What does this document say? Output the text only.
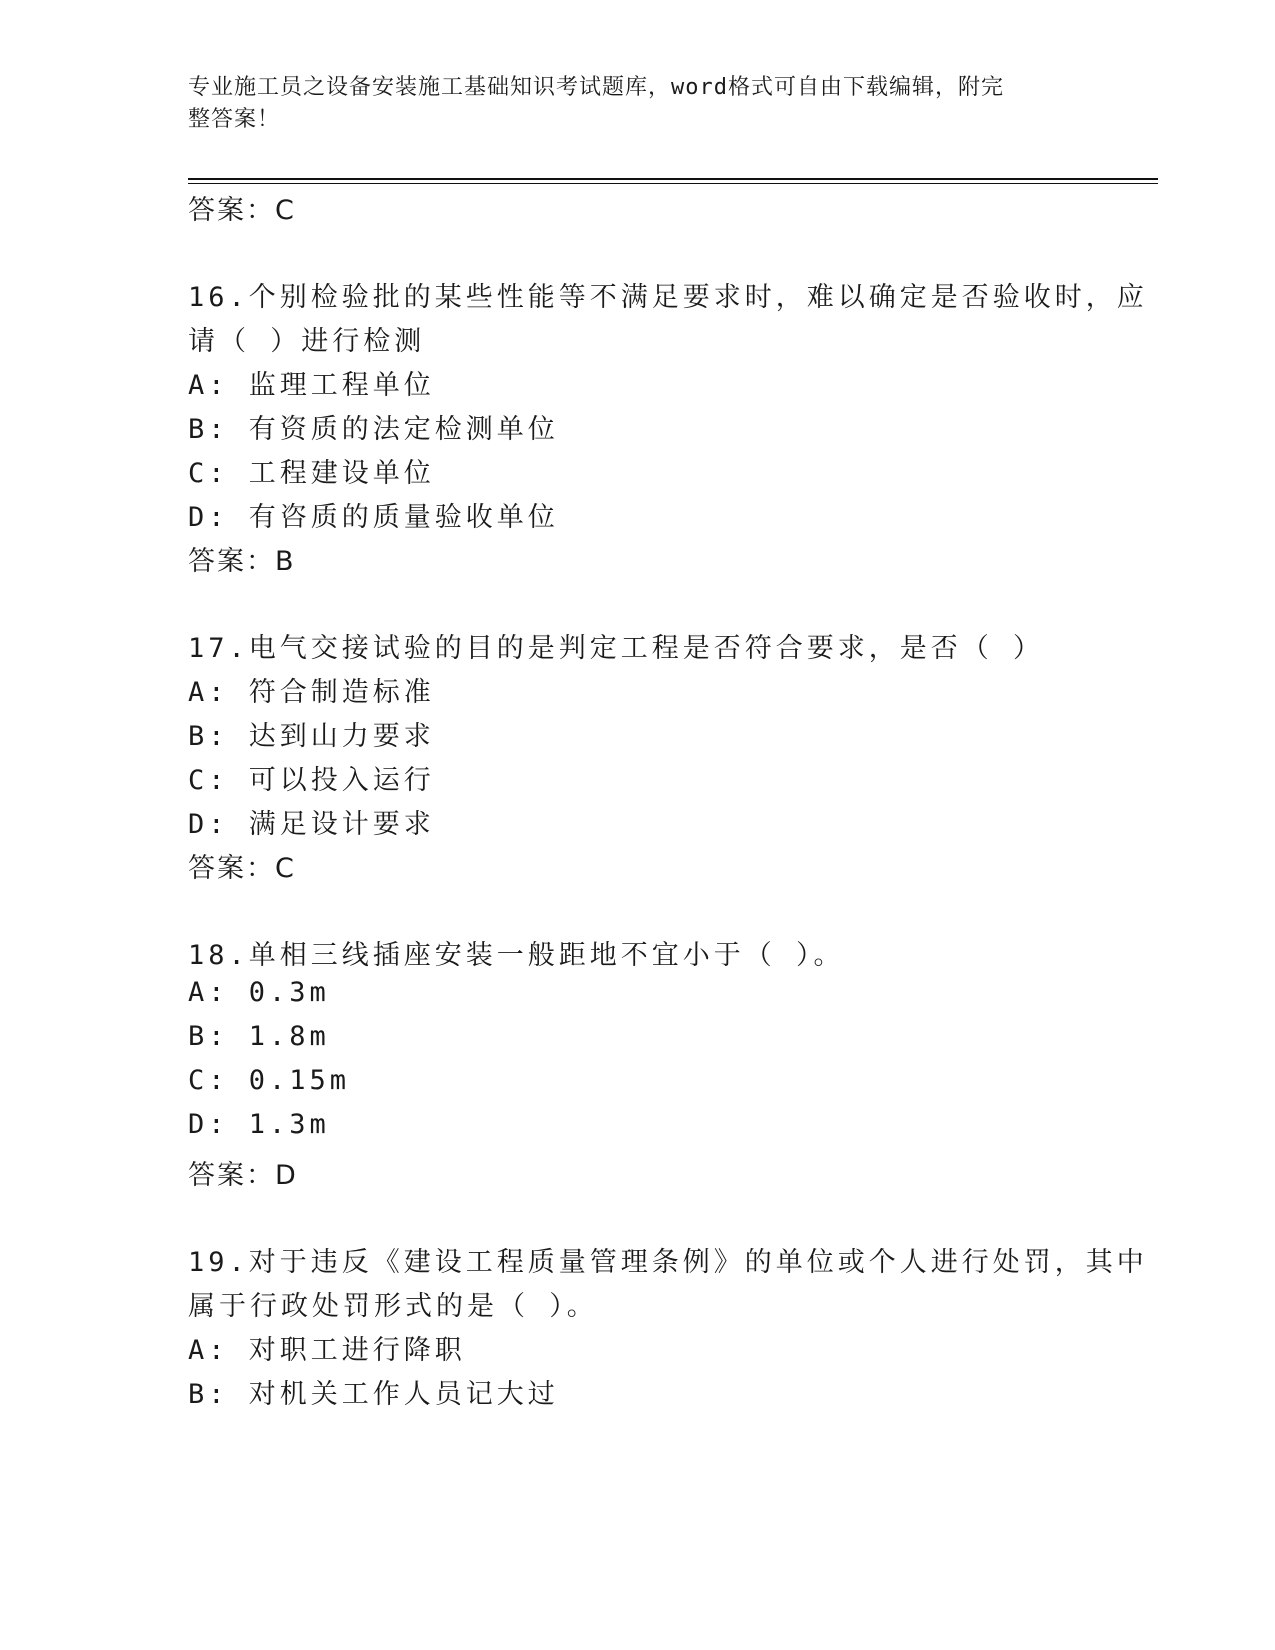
专业施工员之设备安装施工基础知识考试题库，word格式可自由下载编辑，附完
整答案！
答案：C
16.个别检验批的某些性能等不满足要求时，难以确定是否验收时，应
请（ ）进行检测
A: 监理工程单位
B: 有资质的法定检测单位
C: 工程建设单位
D: 有咨质的质量验收单位
答案：B
17.电气交接试验的目的是判定工程是否符合要求，是否（ ）
A: 符合制造标准
B: 达到山力要求
C: 可以投入运行
D: 满足设计要求
答案：C
18.单相三线插座安装一般距地不宜小于（ ）。
A: 0.3m
B: 1.8m
C: 0.15m
D: 1.3m
答案：D
19.对于违反《建设工程质量管理条例》的单位或个人进行处罚，其中
属于行政处罚形式的是（ ）。
A: 对职工进行降职
B: 对机关工作人员记大过
